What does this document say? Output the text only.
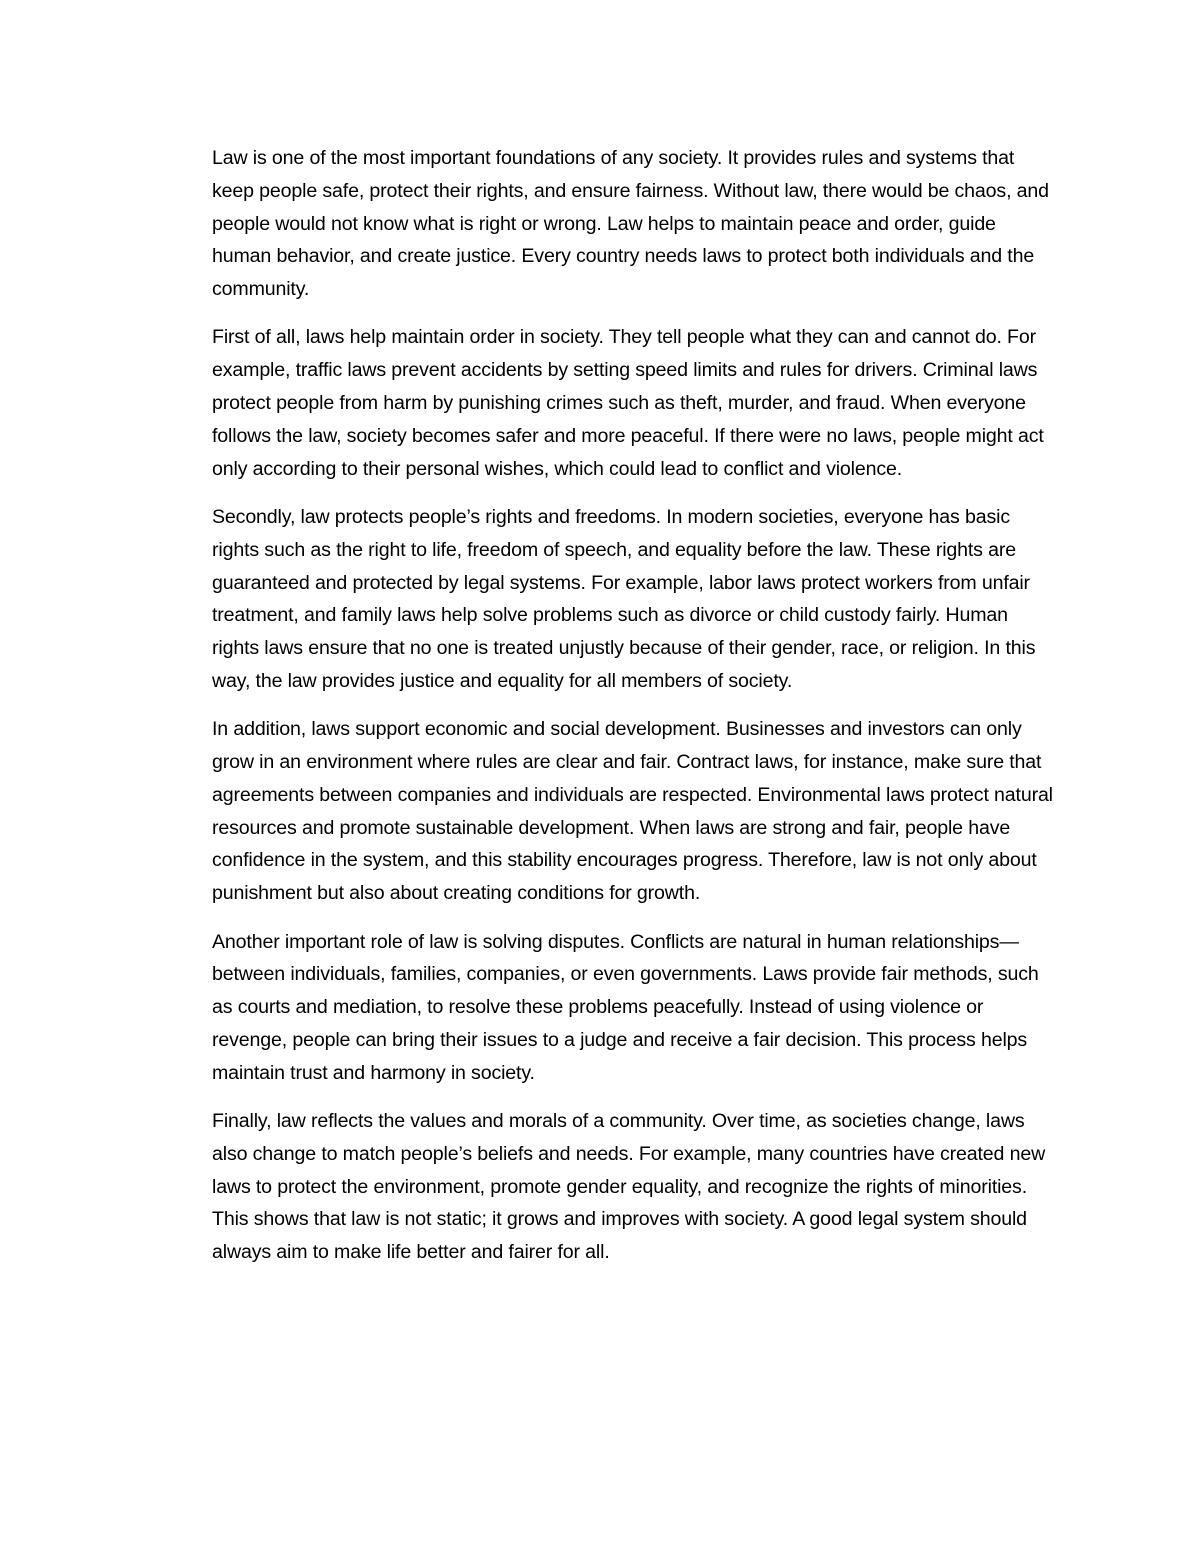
Law is one of the most important foundations of any society. It provides rules and systems that keep people safe, protect their rights, and ensure fairness. Without law, there would be chaos, and people would not know what is right or wrong. Law helps to maintain peace and order, guide human behavior, and create justice. Every country needs laws to protect both individuals and the community.

First of all, laws help maintain order in society. They tell people what they can and cannot do. For example, traffic laws prevent accidents by setting speed limits and rules for drivers. Criminal laws protect people from harm by punishing crimes such as theft, murder, and fraud. When everyone follows the law, society becomes safer and more peaceful. If there were no laws, people might act only according to their personal wishes, which could lead to conflict and violence.

Secondly, law protects people’s rights and freedoms. In modern societies, everyone has basic rights such as the right to life, freedom of speech, and equality before the law. These rights are guaranteed and protected by legal systems. For example, labor laws protect workers from unfair treatment, and family laws help solve problems such as divorce or child custody fairly. Human rights laws ensure that no one is treated unjustly because of their gender, race, or religion. In this way, the law provides justice and equality for all members of society.

In addition, laws support economic and social development. Businesses and investors can only grow in an environment where rules are clear and fair. Contract laws, for instance, make sure that agreements between companies and individuals are respected. Environmental laws protect natural resources and promote sustainable development. When laws are strong and fair, people have confidence in the system, and this stability encourages progress. Therefore, law is not only about punishment but also about creating conditions for growth.

Another important role of law is solving disputes. Conflicts are natural in human relationships—between individuals, families, companies, or even governments. Laws provide fair methods, such as courts and mediation, to resolve these problems peacefully. Instead of using violence or revenge, people can bring their issues to a judge and receive a fair decision. This process helps maintain trust and harmony in society.

Finally, law reflects the values and morals of a community. Over time, as societies change, laws also change to match people’s beliefs and needs. For example, many countries have created new laws to protect the environment, promote gender equality, and recognize the rights of minorities. This shows that law is not static; it grows and improves with society. A good legal system should always aim to make life better and fairer for all.
